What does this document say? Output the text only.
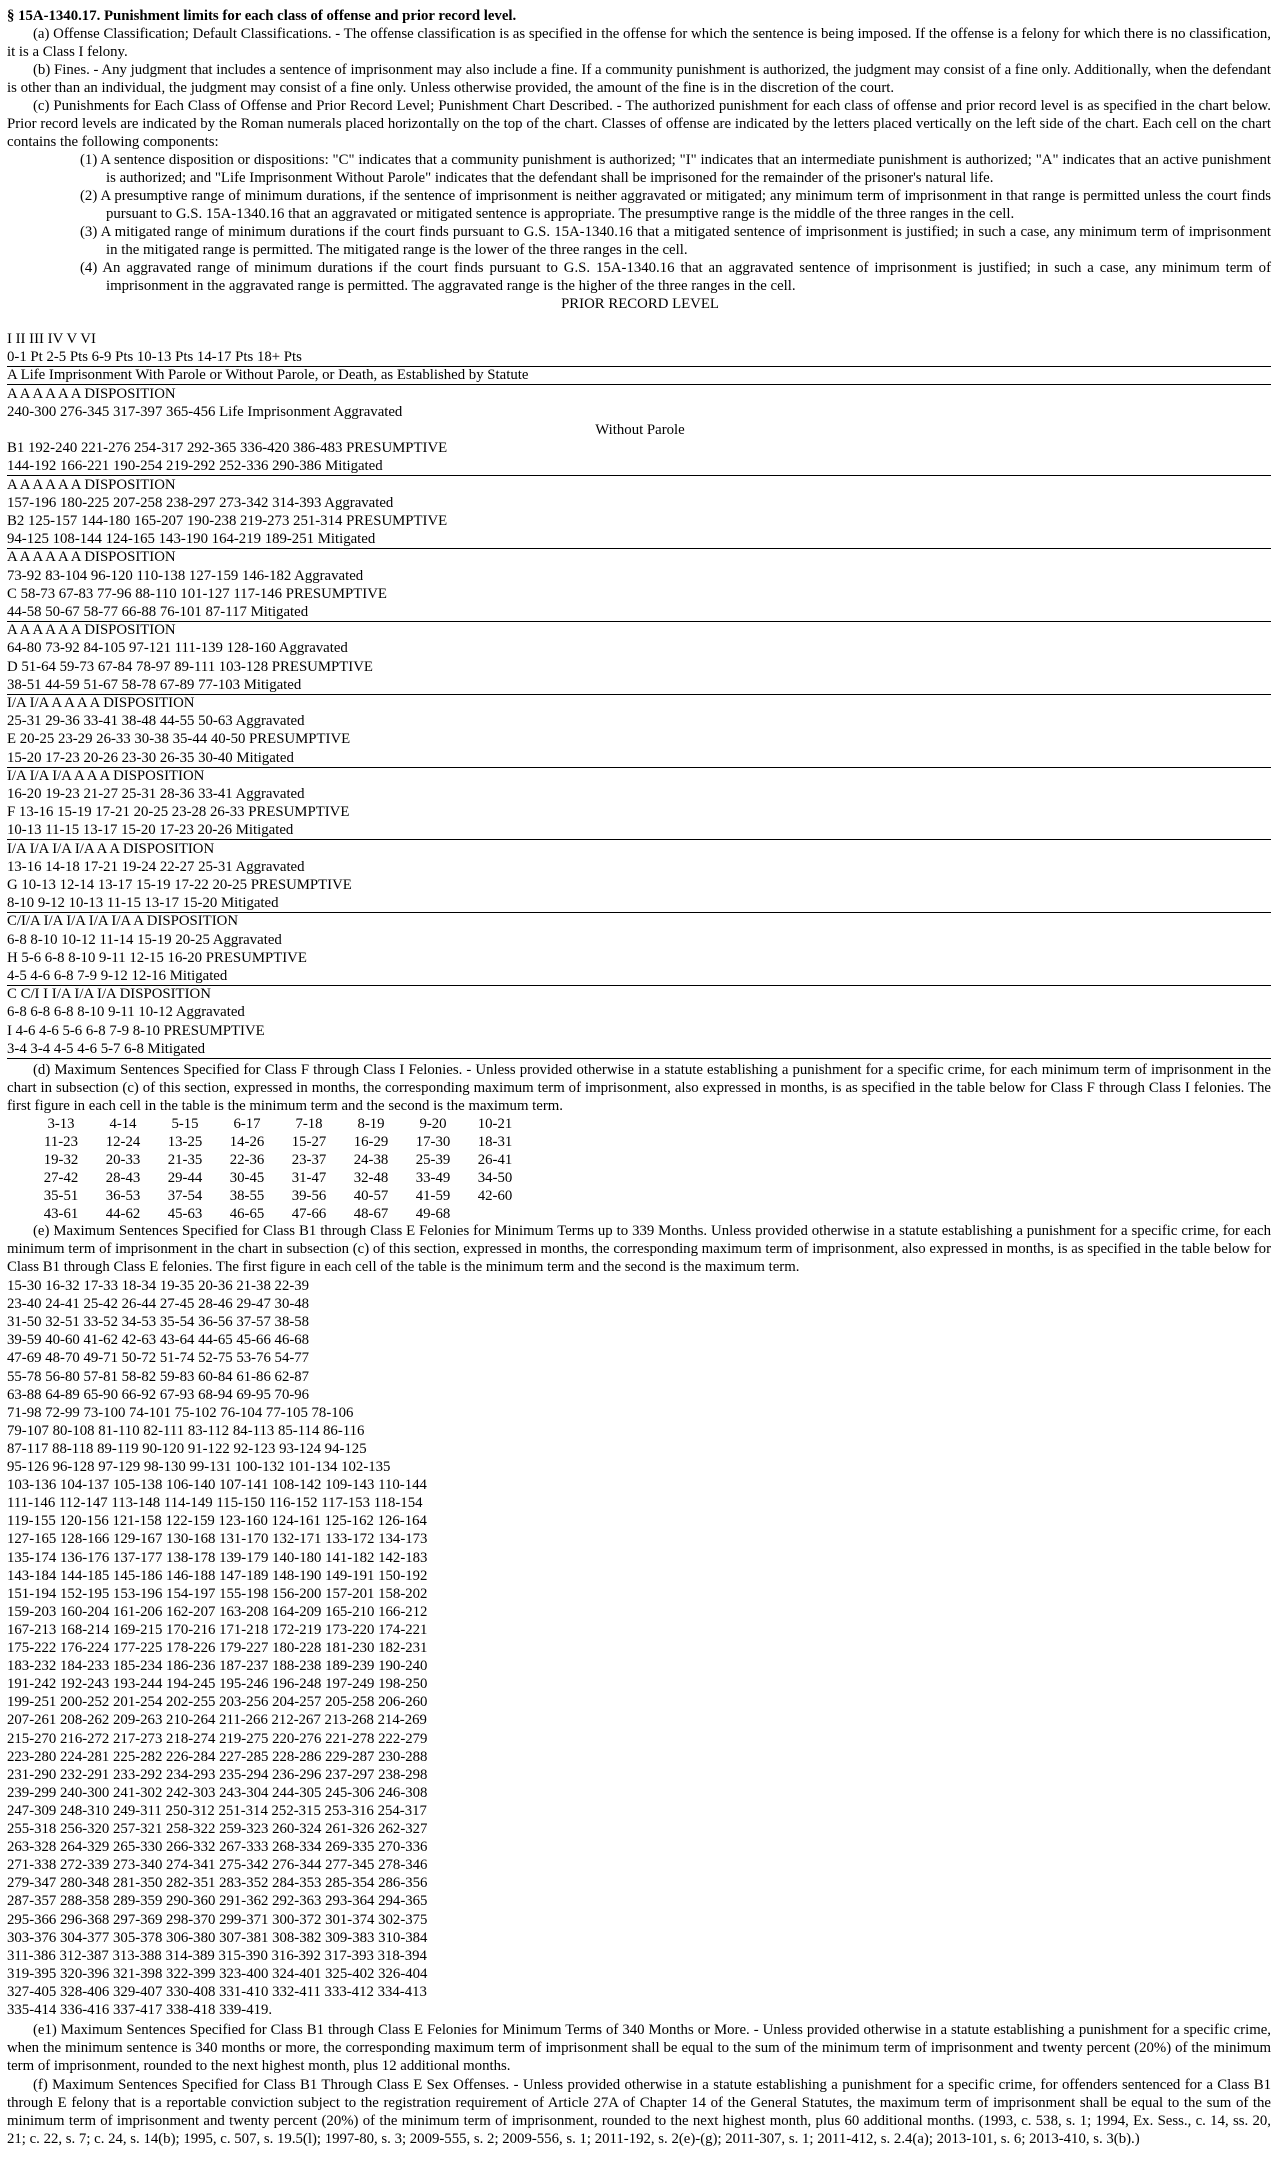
§ 15A-1340.17. Punishment limits for each class of offense and prior record level.
(a) Offense Classification; Default Classifications. - The offense classification is as specified in the offense for which the sentence is being imposed. If the offense is a felony for which there is no classification, it is a Class I felony.
(b) Fines. - Any judgment that includes a sentence of imprisonment may also include a fine. If a community punishment is authorized, the judgment may consist of a fine only. Additionally, when the defendant is other than an individual, the judgment may consist of a fine only. Unless otherwise provided, the amount of the fine is in the discretion of the court.
(c) Punishments for Each Class of Offense and Prior Record Level; Punishment Chart Described. - The authorized punishment for each class of offense and prior record level is as specified in the chart below. Prior record levels are indicated by the Roman numerals placed horizontally on the top of the chart. Classes of offense are indicated by the letters placed vertically on the left side of the chart. Each cell on the chart contains the following components:
(1) A sentence disposition or dispositions: "C" indicates that a community punishment is authorized; "I" indicates that an intermediate punishment is authorized; "A" indicates that an active punishment is authorized; and "Life Imprisonment Without Parole" indicates that the defendant shall be imprisoned for the remainder of the prisoner's natural life.
(2) A presumptive range of minimum durations, if the sentence of imprisonment is neither aggravated or mitigated; any minimum term of imprisonment in that range is permitted unless the court finds pursuant to G.S. 15A-1340.16 that an aggravated or mitigated sentence is appropriate. The presumptive range is the middle of the three ranges in the cell.
(3) A mitigated range of minimum durations if the court finds pursuant to G.S. 15A-1340.16 that a mitigated sentence of imprisonment is justified; in such a case, any minimum term of imprisonment in the mitigated range is permitted. The mitigated range is the lower of the three ranges in the cell.
(4) An aggravated range of minimum durations if the court finds pursuant to G.S. 15A-1340.16 that an aggravated sentence of imprisonment is justified; in such a case, any minimum term of imprisonment in the aggravated range is permitted. The aggravated range is the higher of the three ranges in the cell.
PRIOR RECORD LEVEL
I II III IV V VI
0-1 Pt 2-5 Pts 6-9 Pts 10-13 Pts 14-17 Pts 18+ Pts
A Life Imprisonment With Parole or Without Parole, or Death, as Established by Statute
A A A A A A DISPOSITION
240-300 276-345 317-397 365-456 Life Imprisonment Aggravated
Without Parole
B1 192-240 221-276 254-317 292-365 336-420 386-483 PRESUMPTIVE
144-192 166-221 190-254 219-292 252-336 290-386 Mitigated
A A A A A A DISPOSITION
157-196 180-225 207-258 238-297 273-342 314-393 Aggravated
B2 125-157 144-180 165-207 190-238 219-273 251-314 PRESUMPTIVE
94-125 108-144 124-165 143-190 164-219 189-251 Mitigated
A A A A A A DISPOSITION
73-92 83-104 96-120 110-138 127-159 146-182 Aggravated
C 58-73 67-83 77-96 88-110 101-127 117-146 PRESUMPTIVE
44-58 50-67 58-77 66-88 76-101 87-117 Mitigated
A A A A A A DISPOSITION
64-80 73-92 84-105 97-121 111-139 128-160 Aggravated
D 51-64 59-73 67-84 78-97 89-111 103-128 PRESUMPTIVE
38-51 44-59 51-67 58-78 67-89 77-103 Mitigated
I/A I/A A A A A DISPOSITION
25-31 29-36 33-41 38-48 44-55 50-63 Aggravated
E 20-25 23-29 26-33 30-38 35-44 40-50 PRESUMPTIVE
15-20 17-23 20-26 23-30 26-35 30-40 Mitigated
I/A I/A I/A A A A DISPOSITION
16-20 19-23 21-27 25-31 28-36 33-41 Aggravated
F 13-16 15-19 17-21 20-25 23-28 26-33 PRESUMPTIVE
10-13 11-15 13-17 15-20 17-23 20-26 Mitigated
I/A I/A I/A I/A A A DISPOSITION
13-16 14-18 17-21 19-24 22-27 25-31 Aggravated
G 10-13 12-14 13-17 15-19 17-22 20-25 PRESUMPTIVE
8-10 9-12 10-13 11-15 13-17 15-20 Mitigated
C/I/A I/A I/A I/A I/A A DISPOSITION
6-8 8-10 10-12 11-14 15-19 20-25 Aggravated
H 5-6 6-8 8-10 9-11 12-15 16-20 PRESUMPTIVE
4-5 4-6 6-8 7-9 9-12 12-16 Mitigated
C C/I I I/A I/A I/A DISPOSITION
6-8 6-8 6-8 8-10 9-11 10-12 Aggravated
I 4-6 4-6 5-6 6-8 7-9 8-10 PRESUMPTIVE
3-4 3-4 4-5 4-6 5-7 6-8 Mitigated
(d) Maximum Sentences Specified for Class F through Class I Felonies. - Unless provided otherwise in a statute establishing a punishment for a specific crime, for each minimum term of imprisonment in the chart in subsection (c) of this section, expressed in months, the corresponding maximum term of imprisonment, also expressed in months, is as specified in the table below for Class F through Class I felonies. The first figure in each cell in the table is the minimum term and the second is the maximum term.
3-13	4-14	5-15	6-17	7-18	8-19	9-20	10-21
11-23	12-24	13-25	14-26	15-27	16-29	17-30	18-31
19-32	20-33	21-35	22-36	23-37	24-38	25-39	26-41
27-42	28-43	29-44	30-45	31-47	32-48	33-49	34-50
35-51	36-53	37-54	38-55	39-56	40-57	41-59	42-60
43-61	44-62	45-63	46-65	47-66	48-67	49-68
(e) Maximum Sentences Specified for Class B1 through Class E Felonies for Minimum Terms up to 339 Months. Unless provided otherwise in a statute establishing a punishment for a specific crime, for each minimum term of imprisonment in the chart in subsection (c) of this section, expressed in months, the corresponding maximum term of imprisonment, also expressed in months, is as specified in the table below for Class B1 through Class E felonies. The first figure in each cell of the table is the minimum term and the second is the maximum term.
15-30 16-32 17-33 18-34 19-35 20-36 21-38 22-39
23-40 24-41 25-42 26-44 27-45 28-46 29-47 30-48
31-50 32-51 33-52 34-53 35-54 36-56 37-57 38-58
39-59 40-60 41-62 42-63 43-64 44-65 45-66 46-68
47-69 48-70 49-71 50-72 51-74 52-75 53-76 54-77
55-78 56-80 57-81 58-82 59-83 60-84 61-86 62-87
63-88 64-89 65-90 66-92 67-93 68-94 69-95 70-96
71-98 72-99 73-100 74-101 75-102 76-104 77-105 78-106
79-107 80-108 81-110 82-111 83-112 84-113 85-114 86-116
87-117 88-118 89-119 90-120 91-122 92-123 93-124 94-125
95-126 96-128 97-129 98-130 99-131 100-132 101-134 102-135
103-136 104-137 105-138 106-140 107-141 108-142 109-143 110-144
111-146 112-147 113-148 114-149 115-150 116-152 117-153 118-154
119-155 120-156 121-158 122-159 123-160 124-161 125-162 126-164
127-165 128-166 129-167 130-168 131-170 132-171 133-172 134-173
135-174 136-176 137-177 138-178 139-179 140-180 141-182 142-183
143-184 144-185 145-186 146-188 147-189 148-190 149-191 150-192
151-194 152-195 153-196 154-197 155-198 156-200 157-201 158-202
159-203 160-204 161-206 162-207 163-208 164-209 165-210 166-212
167-213 168-214 169-215 170-216 171-218 172-219 173-220 174-221
175-222 176-224 177-225 178-226 179-227 180-228 181-230 182-231
183-232 184-233 185-234 186-236 187-237 188-238 189-239 190-240
191-242 192-243 193-244 194-245 195-246 196-248 197-249 198-250
199-251 200-252 201-254 202-255 203-256 204-257 205-258 206-260
207-261 208-262 209-263 210-264 211-266 212-267 213-268 214-269
215-270 216-272 217-273 218-274 219-275 220-276 221-278 222-279
223-280 224-281 225-282 226-284 227-285 228-286 229-287 230-288
231-290 232-291 233-292 234-293 235-294 236-296 237-297 238-298
239-299 240-300 241-302 242-303 243-304 244-305 245-306 246-308
247-309 248-310 249-311 250-312 251-314 252-315 253-316 254-317
255-318 256-320 257-321 258-322 259-323 260-324 261-326 262-327
263-328 264-329 265-330 266-332 267-333 268-334 269-335 270-336
271-338 272-339 273-340 274-341 275-342 276-344 277-345 278-346
279-347 280-348 281-350 282-351 283-352 284-353 285-354 286-356
287-357 288-358 289-359 290-360 291-362 292-363 293-364 294-365
295-366 296-368 297-369 298-370 299-371 300-372 301-374 302-375
303-376 304-377 305-378 306-380 307-381 308-382 309-383 310-384
311-386 312-387 313-388 314-389 315-390 316-392 317-393 318-394
319-395 320-396 321-398 322-399 323-400 324-401 325-402 326-404
327-405 328-406 329-407 330-408 331-410 332-411 333-412 334-413
335-414 336-416 337-417 338-418 339-419.
(e1) Maximum Sentences Specified for Class B1 through Class E Felonies for Minimum Terms of 340 Months or More. - Unless provided otherwise in a statute establishing a punishment for a specific crime, when the minimum sentence is 340 months or more, the corresponding maximum term of imprisonment shall be equal to the sum of the minimum term of imprisonment and twenty percent (20%) of the minimum term of imprisonment, rounded to the next highest month, plus 12 additional months.
(f) Maximum Sentences Specified for Class B1 Through Class E Sex Offenses. - Unless provided otherwise in a statute establishing a punishment for a specific crime, for offenders sentenced for a Class B1 through E felony that is a reportable conviction subject to the registration requirement of Article 27A of Chapter 14 of the General Statutes, the maximum term of imprisonment shall be equal to the sum of the minimum term of imprisonment and twenty percent (20%) of the minimum term of imprisonment, rounded to the next highest month, plus 60 additional months. (1993, c. 538, s. 1; 1994, Ex. Sess., c. 14, ss. 20, 21; c. 22, s. 7; c. 24, s. 14(b); 1995, c. 507, s. 19.5(l); 1997-80, s. 3; 2009-555, s. 2; 2009-556, s. 1; 2011-192, s. 2(e)-(g); 2011-307, s. 1; 2011-412, s. 2.4(a); 2013-101, s. 6; 2013-410, s. 3(b).)
